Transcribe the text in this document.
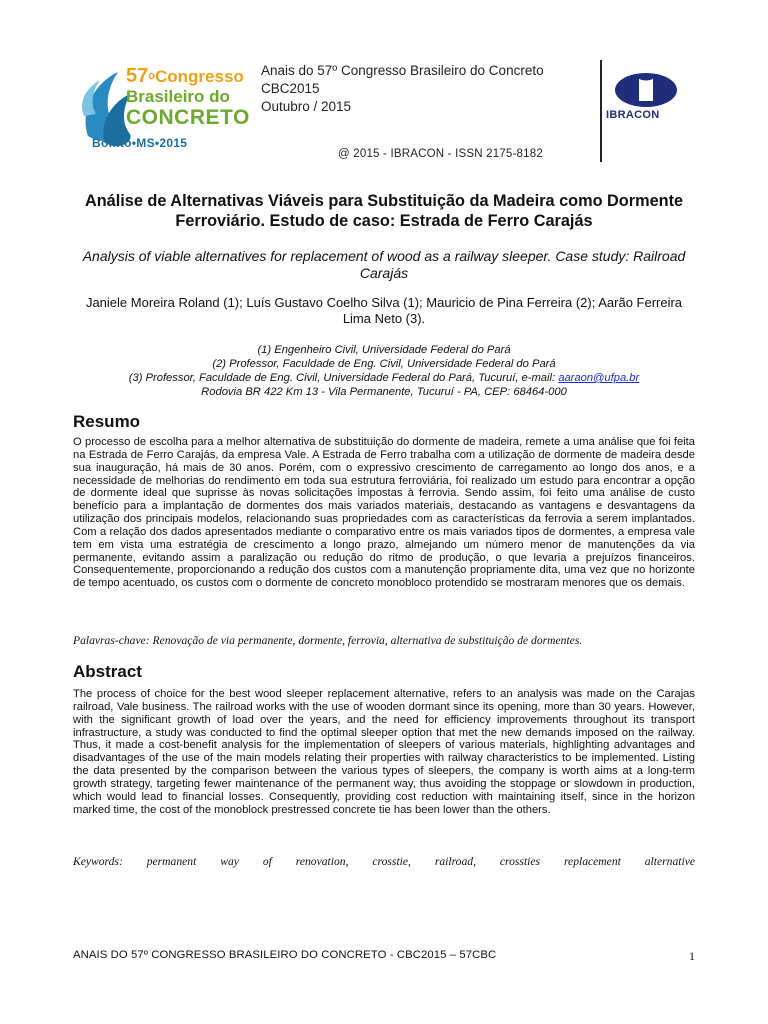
57$^o$Congresso
Brasileiro do
CONCRETO
Bonito•MS•2015
Anais do 57º Congresso Brasileiro do Concreto
CBC2015
Outubro / 2015
@ 2015 - IBRACON - ISSN 2175-8182
IBRACON
Análise de Alternativas Viáveis para Substituição da Madeira como Dormente Ferroviário. Estudo de caso: Estrada de Ferro Carajás
Analysis of viable alternatives for replacement of wood as a railway sleeper. Case study: Railroad Carajás
Janiele Moreira Roland (1); Luís Gustavo Coelho Silva (1); Mauricio de Pina Ferreira (2); Aarão Ferreira Lima Neto (3).
(1) Engenheiro Civil, Universidade Federal do Pará
(2) Professor, Faculdade de Eng. Civil, Universidade Federal do Pará
(3) Professor, Faculdade de Eng. Civil, Universidade Federal do Pará, Tucuruí, e-mail: aaraon@ufpa.br
Rodovia BR 422 Km 13 - Vila Permanente, Tucuruí - PA, CEP: 68464-000
Resumo
O processo de escolha para a melhor alternativa de substituição do dormente de madeira, remete a uma análise que foi feita na Estrada de Ferro Carajás, da empresa Vale. A Estrada de Ferro trabalha com a utilização de dormente de madeira desde sua inauguração, há mais de 30 anos. Porém, com o expressivo crescimento de carregamento ao longo dos anos, e a necessidade de melhorias do rendimento em toda sua estrutura ferroviária, foi realizado um estudo para encontrar a opção de dormente ideal que suprisse às novas solicitações impostas à ferrovia. Sendo assim, foi feito uma análise de custo benefício para a implantação de dormentes dos mais variados materiais, destacando as vantagens e desvantagens da utilização dos principais modelos, relacionando suas propriedades com as características da ferrovia a serem implantados. Com a relação dos dados apresentados mediante o comparativo entre os mais variados tipos de dormentes, a empresa vale tem em vista uma estratégia de crescimento a longo prazo, almejando um número menor de manutenções da via permanente, evitando assim a paralização ou redução do ritmo de produção, o que levaria a prejuízos financeiros. Consequentemente, proporcionando a redução dos custos com a manutenção propriamente dita, uma vez que no horizonte de tempo acentuado, os custos com o dormente de concreto monobloco protendido se mostraram menores que os demais.
Palavras-chave: Renovação de via permanente, dormente, ferrovia, alternativa de substituição de dormentes.
Abstract
The process of choice for the best wood sleeper replacement alternative, refers to an analysis was made on the Carajas railroad, Vale business. The railroad works with the use of wooden dormant since its opening, more than 30 years. However, with the significant growth of load over the years, and the need for efficiency improvements throughout its transport infrastructure, a study was conducted to find the optimal sleeper option that met the new demands imposed on the railway. Thus, it made a cost-benefit analysis for the implementation of sleepers of various materials, highlighting advantages and disadvantages of the use of the main models relating their properties with railway characteristics to be implemented. Listing the data presented by the comparison between the various types of sleepers, the company is worth aims at a long-term growth strategy, targeting fewer maintenance of the permanent way, thus avoiding the stoppage or slowdown in production, which would lead to financial losses. Consequently, providing cost reduction with maintaining itself, since in the horizon marked time, the cost of the monoblock prestressed concrete tie has been lower than the others.
Keywords: permanent way of renovation, crosstie, railroad, crossties replacement alternative
ANAIS DO 57º CONGRESSO BRASILEIRO DO CONCRETO - CBC2015 – 57CBC	1
